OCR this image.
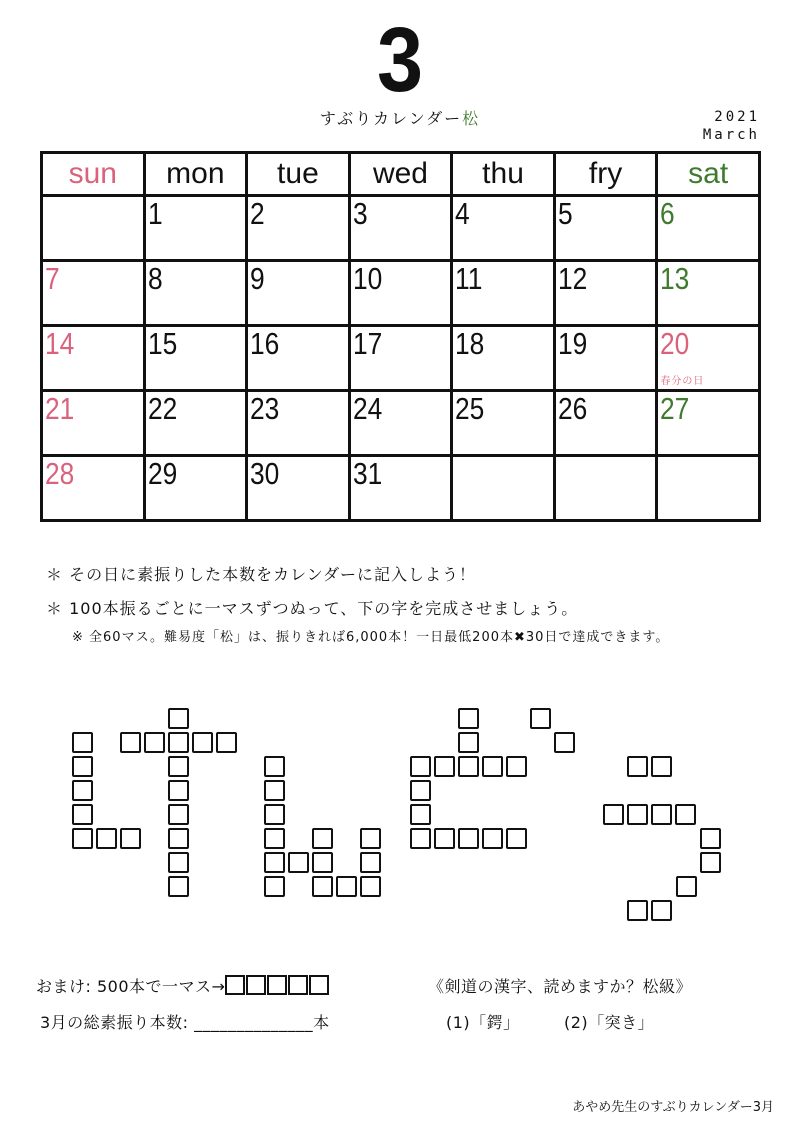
3
すぶりカレンダー松	2021
March
sun	mon	tue	wed	thu	fry	sat
	1	2	3	4	5	6
7	8	9	10	11	12	13
14	15	16	17	18	19	20
春分の日

21	22	23	24	25	26	27
28	29	30	31			
＊ その日に素振りした本数をカレンダーに記入しよう！
＊ 100本振るごとに一マスずつぬって、下の字を完成させましょう。
※ 全60マス。難易度「松」は、振りきれば6,000本！一日最低200本✖30日で達成できます。
おまけ: 500本で一マス→
3月の総素振り本数: ______________本
《剣道の漢字、読めますか？松級》
(1)「鍔」	(2)「突き」
あやめ先生のすぶりカレンダー3月
